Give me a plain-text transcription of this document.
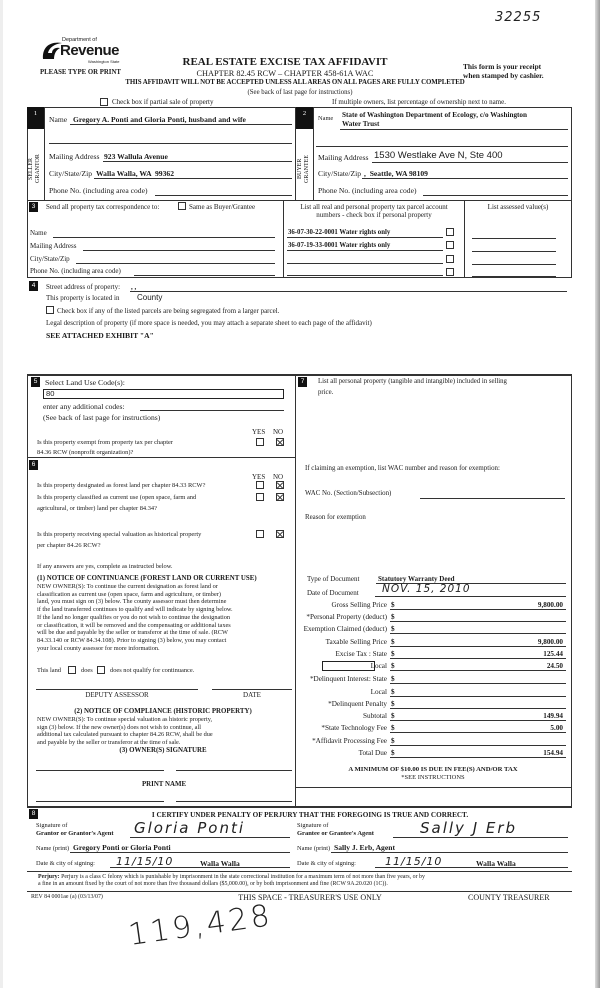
32255
Department of
Revenue
Washington State
PLEASE TYPE OR PRINT
REAL ESTATE EXCISE TAX AFFIDAVIT
CHAPTER 82.45 RCW – CHAPTER 458-61A WAC
This form is your receipt
when stamped by cashier.
THIS AFFIDAVIT WILL NOT BE ACCEPTED UNLESS ALL AREAS ON ALL PAGES ARE FULLY COMPLETED
(See back of last page for instructions)
Check box if partial sale of property	If multiple owners, list percentage of ownership next to name.
1
SELLER
GRANTOR
Name Gregory A. Ponti and Gloria Ponti, husband and wife
Mailing Address 923 Wallula Avenue
City/State/Zip Walla Walla, WA  99362
Phone No. (including area code)
2
BUYER
GRANTEE
Name State of Washington Department of Ecology, c/o Washington
Water Trust
Mailing Address 1530 Westlake Ave N, Ste 400
City/State/Zip ,  Seattle, WA 98109
Phone No. (including area code)
3	Send all property tax correspondence to:	Same as Buyer/Grantee
Name
Mailing Address
City/State/Zip
Phone No. (including area code)
List all real and personal property tax parcel account
numbers - check box if personal property
List assessed value(s)
36-07-30-22-0001 Water rights only
36-07-19-33-0001 Water rights only
4	Street address of property: , ,
This property is located in County
Check box if any of the listed parcels are being segregated from a larger parcel.
Legal description of property (if more space is needed, you may attach a separate sheet to each page of the affidavit)
SEE ATTACHED EXHIBIT "A"
5 Select Land Use Code(s):
80
enter any additional codes:
(See back of last page for instructions)
YES NO
Is this property exempt from property tax per chapter
84.36 RCW (nonprofit organization)?
6
YES NO
Is this property designated as forest land per chapter 84.33 RCW?
Is this property classified as current use (open space, farm and
agricultural, or timber) land per chapter 84.34?
Is this property receiving special valuation as historical property
per chapter 84.26 RCW?
If any answers are yes, complete as instructed below.
(1) NOTICE OF CONTINUANCE (FOREST LAND OR CURRENT USE)
NEW OWNER(S): To continue the current designation as forest land or
classification as current use (open space, farm and agriculture, or timber)
land, you must sign on (3) below. The county assessor must then determine
if the land transferred continues to qualify and will indicate by signing below.
If the land no longer qualifies or you do not wish to continue the designation
or classification, it will be removed and the compensating or additional taxes
will be due and payable by the seller or transferor at the time of sale. (RCW
84.33.140 or RCW 84.34.108). Prior to signing (3) below, you may contact
your local county assessor for more information.
This land	does	does not qualify for continuance.
DEPUTY ASSESSOR	DATE
(2) NOTICE OF COMPLIANCE (HISTORIC PROPERTY)
NEW OWNER(S): To continue special valuation as historic property,
sign (3) below. If the new owner(s) does not wish to continue, all
additional tax calculated pursuant to chapter 84.26 RCW, shall be due
and payable by the seller or transferor at the time of sale.
(3) OWNER(S) SIGNATURE
PRINT NAME
7	List all personal property (tangible and intangible) included in selling
price.
If claiming an exemption, list WAC number and reason for exemption:
WAC No. (Section/Subsection)
Reason for exemption
Type of Document	Statutory Warranty Deed
Date of Document NOV. 15, 2010
Gross Selling Price $	9,800.00
*Personal Property (deduct) $
Exemption Claimed (deduct) $
Taxable Selling Price $	9,800.00
Excise Tax : State $	125.44
Local $	24.50
*Delinquent Interest: State $
Local $
*Delinquent Penalty $
Subtotal $	149.94
*State Technology Fee $	5.00
*Affidavit Processing Fee $
Total Due $	154.94
A MINIMUM OF $10.00 IS DUE IN FEE(S) AND/OR TAX
*SEE INSTRUCTIONS
8	I CERTIFY UNDER PENALTY OF PERJURY THAT THE FOREGOING IS TRUE AND CORRECT.
Signature of
Grantor or Grantor's Agent Gloria Ponti
Name (print) Gregory Ponti or Gloria Ponti
Date & city of signing: 11/15/10	Walla Walla
Signature of
Grantee or Grantee's Agent	Sally J Erb
Name (print) Sally J. Erb, Agent
Date & city of signing:	11/15/10	Walla Walla
Perjury: Perjury is a class C felony which is punishable by imprisonment in the state correctional institution for a maximum term of not more than five years, or by
a fine in an amount fixed by the court of not more than five thousand dollars ($5,000.00), or by both imprisonment and fine (RCW 9A.20.020 (1C)).
REV 84 0001ae (a) (03/13/07)	THIS SPACE - TREASURER'S USE ONLY	COUNTY TREASURER
119,428
